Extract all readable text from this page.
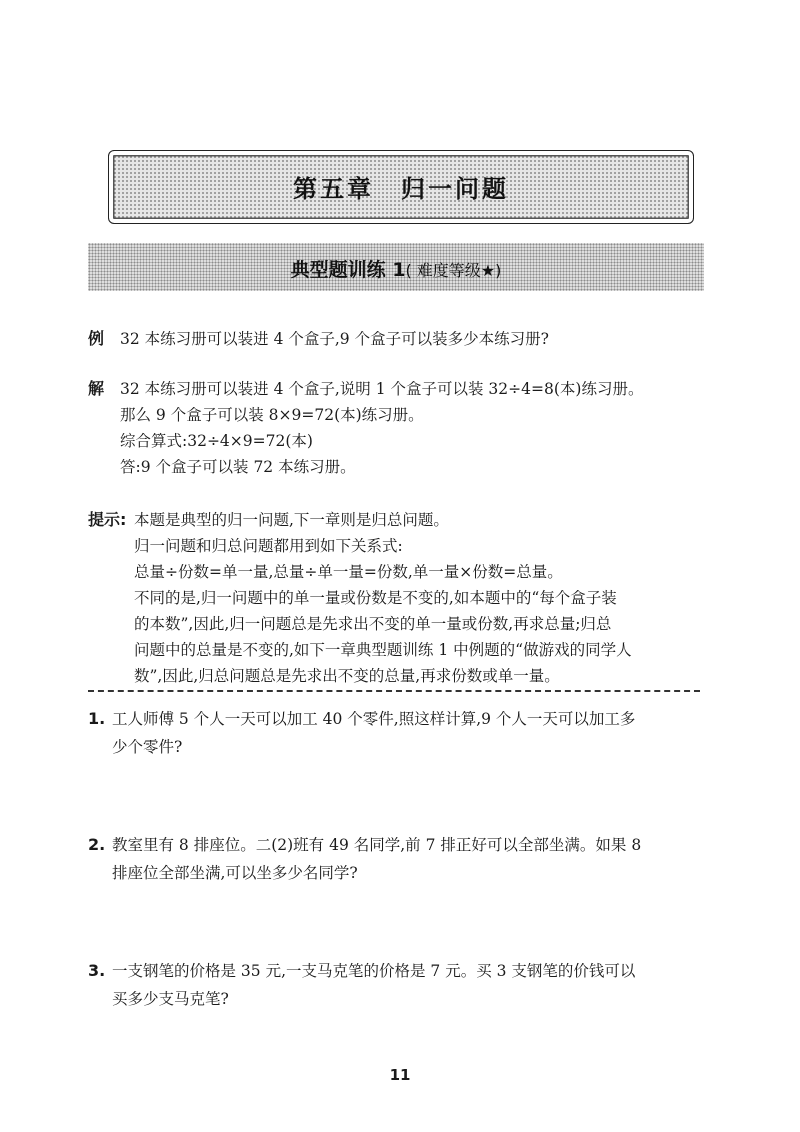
第五章　归一问题
典型题训练 1( 难度等级★)
例 32 本练习册可以装进 4 个盒子,9 个盒子可以装多少本练习册?
解 32 本练习册可以装进 4 个盒子,说明 1 个盒子可以装 32÷4=8(本)练习册。
那么 9 个盒子可以装 8×9=72(本)练习册。
综合算式:32÷4×9=72(本)
答:9 个盒子可以装 72 本练习册。
提示: 本题是典型的归一问题,下一章则是归总问题。
归一问题和归总问题都用到如下关系式:
总量÷份数=单一量,总量÷单一量=份数,单一量×份数=总量。
不同的是,归一问题中的单一量或份数是不变的,如本题中的“每个盒子装
的本数”,因此,归一问题总是先求出不变的单一量或份数,再求总量;归总
问题中的总量是不变的,如下一章典型题训练 1 中例题的“做游戏的同学人
数”,因此,归总问题总是先求出不变的总量,再求份数或单一量。
1. 工人师傅 5 个人一天可以加工 40 个零件,照这样计算,9 个人一天可以加工多
少个零件?
2. 教室里有 8 排座位。二(2)班有 49 名同学,前 7 排正好可以全部坐满。如果 8
排座位全部坐满,可以坐多少名同学?
3. 一支钢笔的价格是 35 元,一支马克笔的价格是 7 元。买 3 支钢笔的价钱可以
买多少支马克笔?
11
